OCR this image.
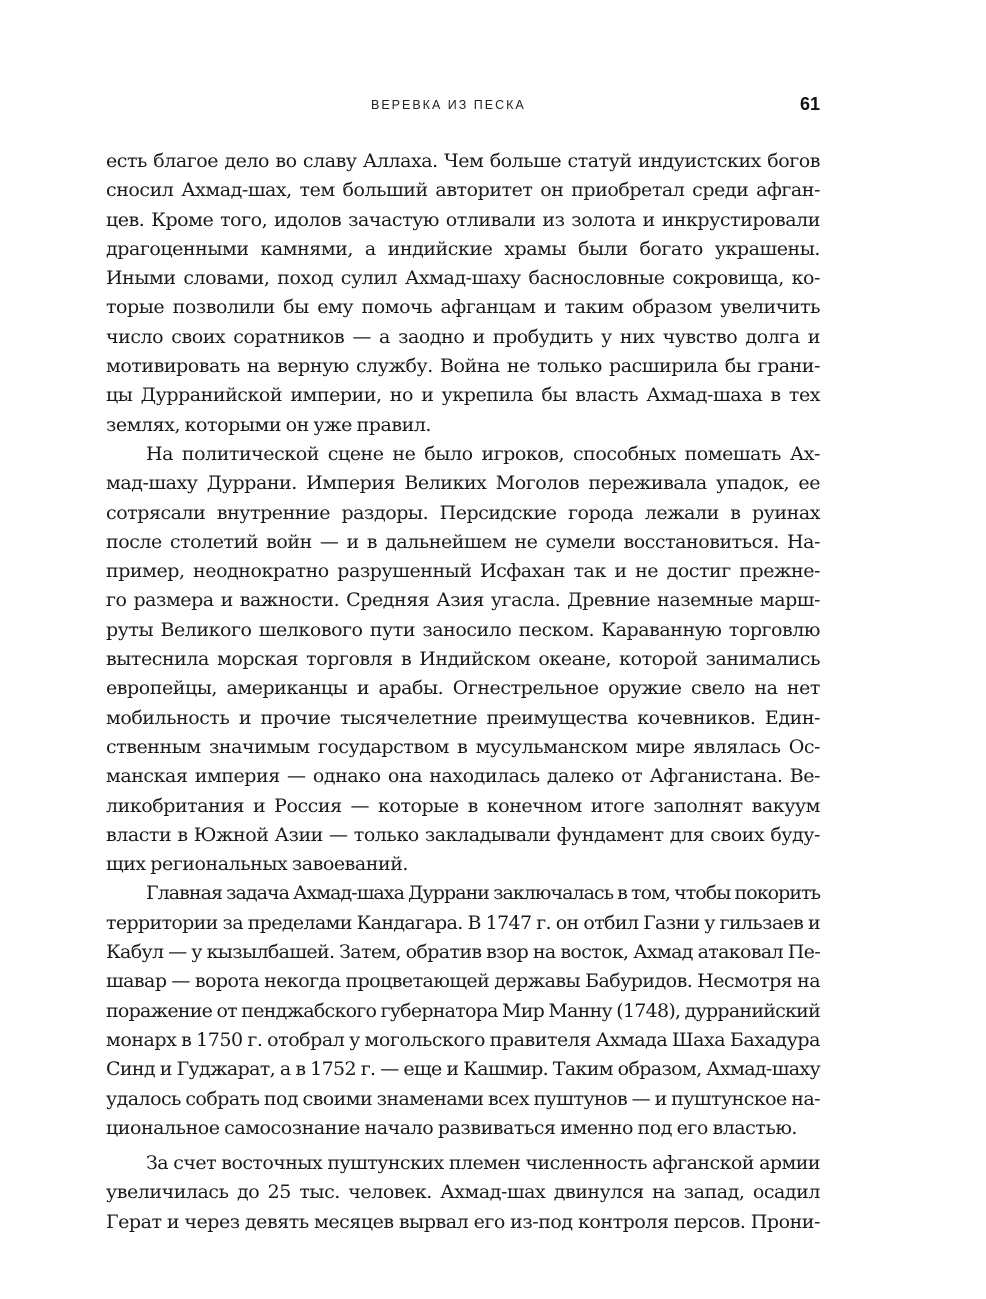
ВЕРЕВКА ИЗ ПЕСКА	61

есть благое дело во славу Аллаха. Чем больше статуй индуистских богов
сносил Ахмад-шах, тем больший авторитет он приобретал среди афган-
цев. Кроме того, идолов зачастую отливали из золота и инкрустировали
драгоценными камнями, а индийские храмы были богато украшены.
Иными словами, поход сулил Ахмад-шаху баснословные сокровища, ко-
торые позволили бы ему помочь афганцам и таким образом увеличить
число своих соратников — а заодно и пробудить у них чувство долга и
мотивировать на верную службу. Война не только расширила бы грани-
цы Дурранийской империи, но и укрепила бы власть Ахмад-шаха в тех
землях, которыми он уже правил.

На политической сцене не было игроков, способных помешать Ах-
мад-шаху Дуррани. Империя Великих Моголов переживала упадок, ее
сотрясали внутренние раздоры. Персидские города лежали в руинах
после столетий войн — и в дальнейшем не сумели восстановиться. На-
пример, неоднократно разрушенный Исфахан так и не достиг прежне-
го размера и важности. Средняя Азия угасла. Древние наземные марш-
руты Великого шелкового пути заносило песком. Караванную торговлю
вытеснила морская торговля в Индийском океане, которой занимались
европейцы, американцы и арабы. Огнестрельное оружие свело на нет
мобильность и прочие тысячелетние преимущества кочевников. Един-
ственным значимым государством в мусульманском мире являлась Ос-
манская империя — однако она находилась далеко от Афганистана. Ве-
ликобритания и Россия — которые в конечном итоге заполнят вакуум
власти в Южной Азии — только закладывали фундамент для своих буду-
щих региональных завоеваний.

Главная задача Ахмад-шаха Дуррани заключалась в том, чтобы покорить
территории за пределами Кандагара. В 1747 г. он отбил Газни у гильзаев и
Кабул — у кызылбашей. Затем, обратив взор на восток, Ахмад атаковал Пе-
шавар — ворота некогда процветающей державы Бабуридов. Несмотря на
поражение от пенджабского губернатора Мир Манну (1748), дурранийский
монарх в 1750 г. отобрал у могольского правителя Ахмада Шаха Бахадура
Синд и Гуджарат, а в 1752 г. — еще и Кашмир. Таким образом, Ахмад-шаху
удалось собрать под своими знаменами всех пуштунов — и пуштунское на-
циональное самосознание начало развиваться именно под его властью.

За счет восточных пуштунских племен численность афганской армии
увеличилась до 25 тыс. человек. Ахмад-шах двинулся на запад, осадил
Герат и через девять месяцев вырвал его из-под контроля персов. Прони-
